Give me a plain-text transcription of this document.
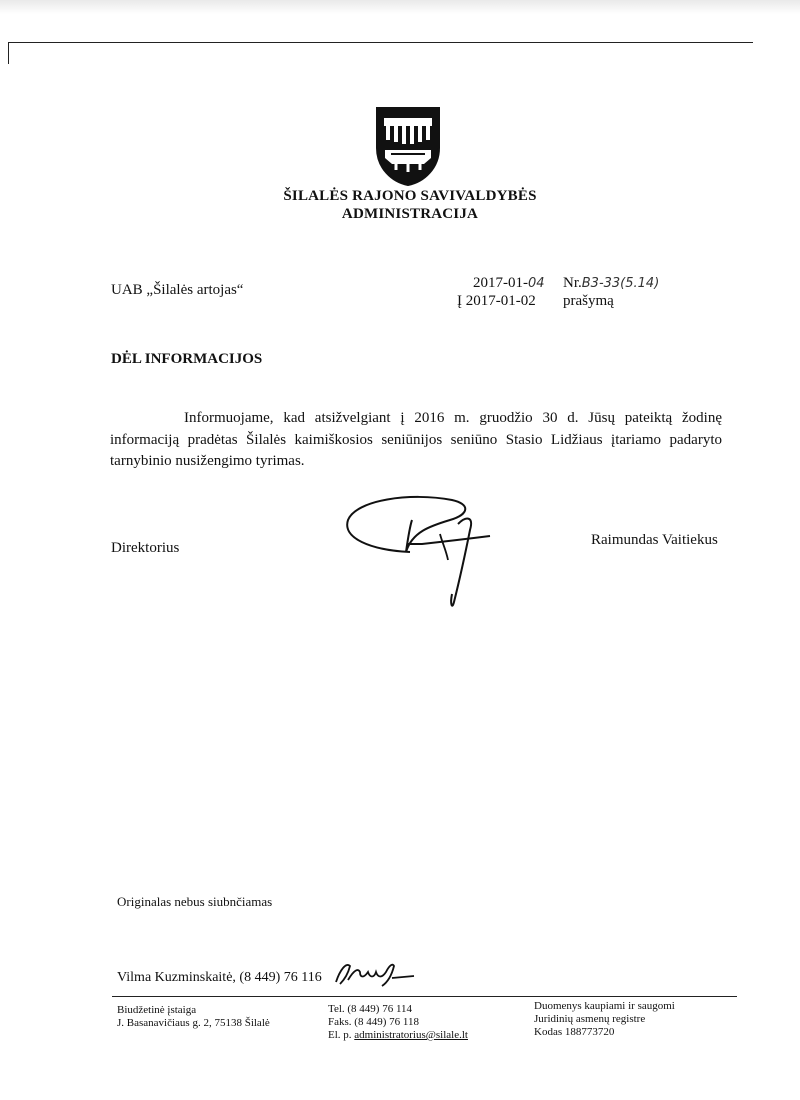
ŠILALĖS RAJONO SAVIVALDYBĖS
ADMINISTRACIJA
UAB „Šilalės artojas“	2017-01-04 Nr.B3-33(5.14)
Į 2017-01-02 prašymą
DĖL INFORMACIJOS

Informuojame, kad atsižvelgiant į 2016 m. gruodžio 30 d. Jūsų pateiktą žodinę informaciją pradėtas Šilalės kaimiškosios seniūnijos seniūno Stasio Lidžiaus įtariamo padaryto tarnybinio nusižengimo tyrimas.

Direktorius	Raimundas Vaitiekus
Originalas nebus siubnčiamas
Vilma Kuzminskaitė, (8 449) 76 116
Biudžetinė įstaiga
J. Basanavičiaus g. 2, 75138 Šilalė
Tel. (8 449) 76 114
Faks. (8 449) 76 118
El. p. administratorius@silale.lt
Duomenys kaupiami ir saugomi
Juridinių asmenų registre
Kodas 188773720
